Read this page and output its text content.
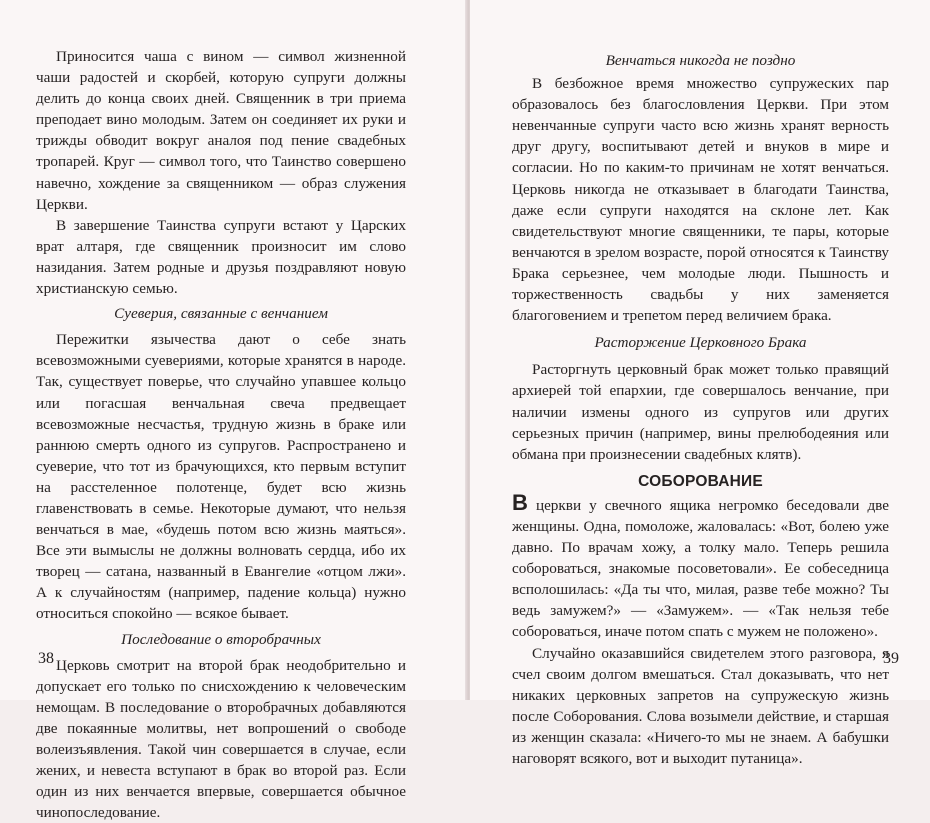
Приносится чаша с вином — символ жизненной чаши радостей и скорбей, которую супруги должны делить до конца своих дней. Священник в три приема преподает вино молодым. Затем он соединяет их руки и трижды обводит вокруг аналоя под пение свадебных тропарей. Круг — символ того, что Таинство совершено навечно, хождение за священником — образ служения Церкви.

В завершение Таинства супруги встают у Царских врат алтаря, где священник произносит им слово назидания. Затем родные и друзья поздравляют новую христианскую семью.

Суеверия, связанные с венчанием

Пережитки язычества дают о себе знать всевозможными суевериями, которые хранятся в народе. Так, существует поверье, что случайно упавшее кольцо или погасшая венчальная свеча предвещает всевозможные несчастья, трудную жизнь в браке или раннюю смерть одного из супругов. Распространено и суеверие, что тот из брачующихся, кто первым вступит на расстеленное полотенце, будет всю жизнь главенствовать в семье. Некоторые думают, что нельзя венчаться в мае, «будешь потом всю жизнь маяться». Все эти вымыслы не должны волновать сердца, ибо их творец — сатана, названный в Евангелие «отцом лжи». А к случайностям (например, падение кольца) нужно относиться спокойно — всякое бывает.

Последование о второбрачных

Церковь смотрит на второй брак неодобрительно и допускает его только по снисхождению к человеческим немощам. В последование о второбрачных добавляются две покаянные молитвы, нет вопрошений о свободе волеизъявления. Такой чин совершается в случае, если жених, и невеста вступают в брак во второй раз. Если один из них венчается впервые, совершается обычное чинопоследование.

38

Венчаться никогда не поздно

В безбожное время множество супружеских пар образовалось без благословления Церкви. При этом невенчанные супруги часто всю жизнь хранят верность друг другу, воспитывают детей и внуков в мире и согласии. Но по каким-то причинам не хотят венчаться. Церковь никогда не отказывает в благодати Таинства, даже если супруги находятся на склоне лет. Как свидетельствуют многие священники, те пары, которые венчаются в зрелом возрасте, порой относятся к Таинству Брака серьезнее, чем молодые люди. Пышность и торжественность свадьбы у них заменяется благоговением и трепетом перед величием брака.

Расторжение Церковного Брака

Расторгнуть церковный брак может только правящий архиерей той епархии, где совершалось венчание, при наличии измены одного из супругов или других серьезных причин (например, вины прелюбодеяния или обмана при произнесении свадебных клятв).

СОБОРОВАНИЕ

В церкви у свечного ящика негромко беседовали две женщины. Одна, помоложе, жаловалась: «Вот, болею уже давно. По врачам хожу, а толку мало. Теперь решила собороваться, знакомые посоветовали». Ее собеседница всполошилась: «Да ты что, милая, разве тебе можно? Ты ведь замужем?» — «Замужем». — «Так нельзя тебе собороваться, иначе потом спать с мужем не положено».

Случайно оказавшийся свидетелем этого разговора, я счел своим долгом вмешаться. Стал доказывать, что нет никаких церковных запретов на супружескую жизнь после Соборования. Слова возымели действие, и старшая из женщин сказала: «Ничего-то мы не знаем. А бабушки наговорят всякого, вот и выходит путаница».

39
